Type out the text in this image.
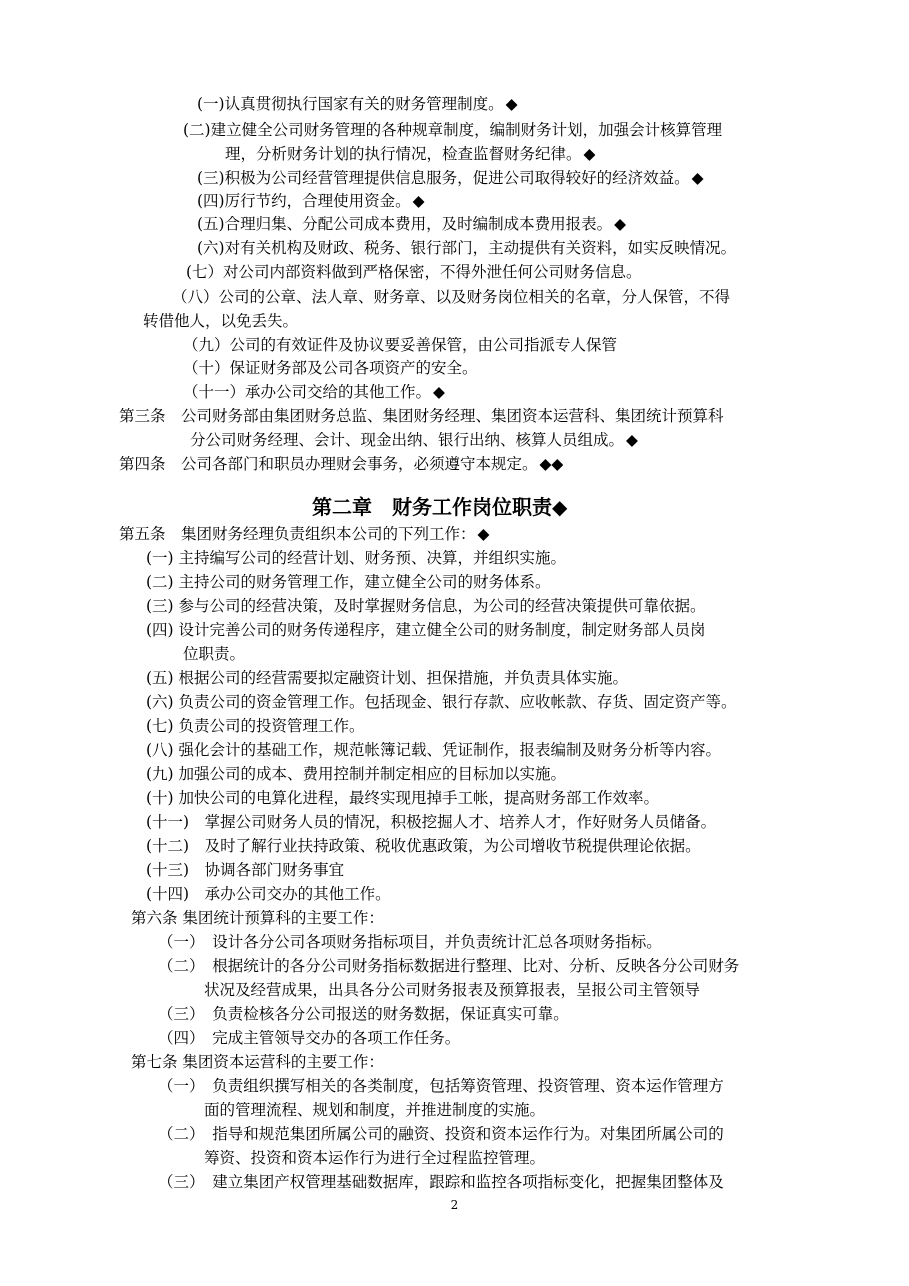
(一)认真贯彻执行国家有关的财务管理制度。 ◆
(二)建立健全公司财务管理的各种规章制度，编制财务计划，加强会计核算管理
理，分析财务计划的执行情况，检查监督财务纪律。 ◆
(三)积极为公司经营管理提供信息服务，促进公司取得较好的经济效益。 ◆
(四)厉行节约，合理使用资金。 ◆
(五)合理归集、分配公司成本费用，及时编制成本费用报表。 ◆
(六)对有关机构及财政、税务、银行部门，主动提供有关资料，如实反映情况。
(七）对公司内部资料做到严格保密，不得外泄任何公司财务信息。
（八）公司的公章、法人章、财务章、以及财务岗位相关的名章，分人保管，不得
转借他人，以免丢失。
（九）公司的有效证件及协议要妥善保管，由公司指派专人保管
（十）保证财务部及公司各项资产的安全。
（十一）承办公司交给的其他工作。 ◆
第三条　公司财务部由集团财务总监、集团财务经理、集团资本运营科、集团统计预算科
分公司财务经理、会计、现金出纳、银行出纳、核算人员组成。 ◆
第四条　公司各部门和职员办理财会事务，必须遵守本规定。 ◆◆
第二章　财务工作岗位职责◆
第五条　集团财务经理负责组织本公司的下列工作： ◆
(一) 主持编写公司的经营计划、财务预、决算，并组织实施。
(二) 主持公司的财务管理工作，建立健全公司的财务体系。
(三) 参与公司的经营决策，及时掌握财务信息，为公司的经营决策提供可靠依据。
(四) 设计完善公司的财务传递程序，建立健全公司的财务制度，制定财务部人员岗
位职责。
(五) 根据公司的经营需要拟定融资计划、担保措施，并负责具体实施。
(六) 负责公司的资金管理工作。包括现金、银行存款、应收帐款、存货、固定资产等。
(七) 负责公司的投资管理工作。
(八) 强化会计的基础工作，规范帐簿记载、凭证制作，报表编制及财务分析等内容。
(九) 加强公司的成本、费用控制并制定相应的目标加以实施。
(十) 加快公司的电算化进程，最终实现甩掉手工帐，提高财务部工作效率。
(十一)　掌握公司财务人员的情况，积极挖掘人才、培养人才，作好财务人员储备。
(十二)　及时了解行业扶持政策、税收优惠政策，为公司增收节税提供理论依据。
(十三)　协调各部门财务事宜
(十四)　承办公司交办的其他工作。
第六条 集团统计预算科的主要工作：
（一）　设计各分公司各项财务指标项目，并负责统计汇总各项财务指标。
（二）　根据统计的各分公司财务指标数据进行整理、比对、分析、反映各分公司财务
状况及经营成果，出具各分公司财务报表及预算报表，呈报公司主管领导
（三）　负责检核各分公司报送的财务数据，保证真实可靠。
（四）　完成主管领导交办的各项工作任务。
第七条 集团资本运营科的主要工作：
（一）　负责组织撰写相关的各类制度，包括筹资管理、投资管理、资本运作管理方
面的管理流程、规划和制度，并推进制度的实施。
（二）　指导和规范集团所属公司的融资、投资和资本运作行为。对集团所属公司的
筹资、投资和资本运作行为进行全过程监控管理。
（三）　建立集团产权管理基础数据库，跟踪和监控各项指标变化，把握集团整体及
2
